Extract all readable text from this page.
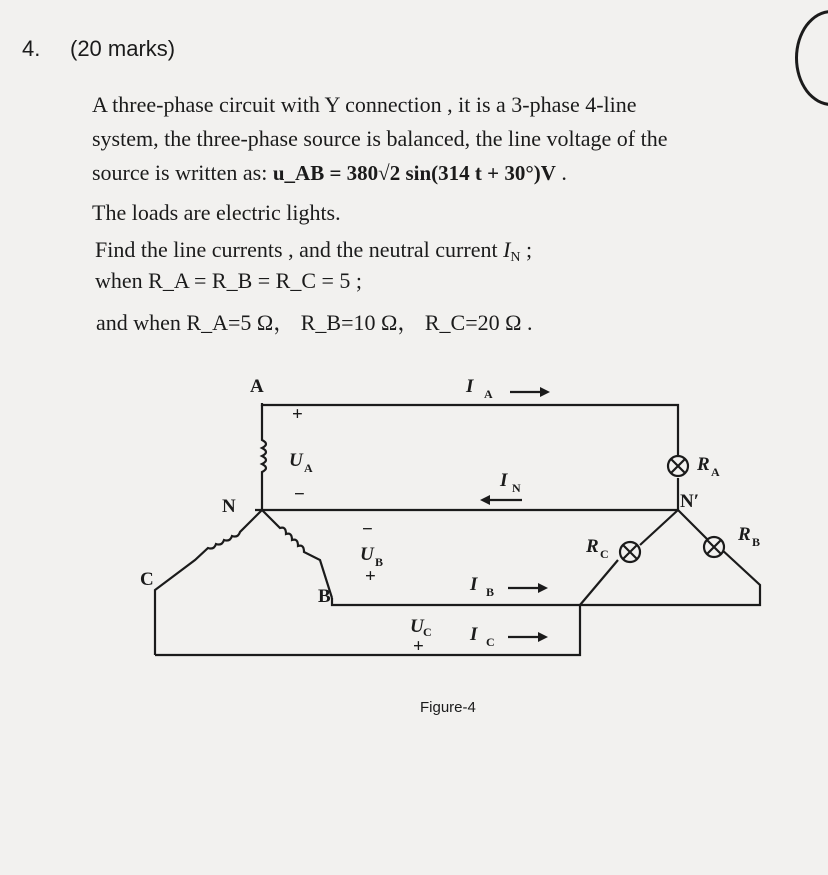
4. (20 marks)
A three-phase circuit with Y connection , it is a 3-phase 4-line
system, the three-phase source is balanced, the line voltage of the
source is written as: u_AB = 380√2 sin(314 t + 30°)V .
The loads are electric lights.
Find the line currents , and the neutral current $I_N$ ;
when R_A = R_B = R_C = 5 ;
and when R_A=5 Ω， R_B=10 Ω， R_C=20 Ω .
A
N
C
B
N′
+
U A
−
−
U B
+
U C
+
I A
I N
I B
I C
R A
R B
R C
Figure-4
